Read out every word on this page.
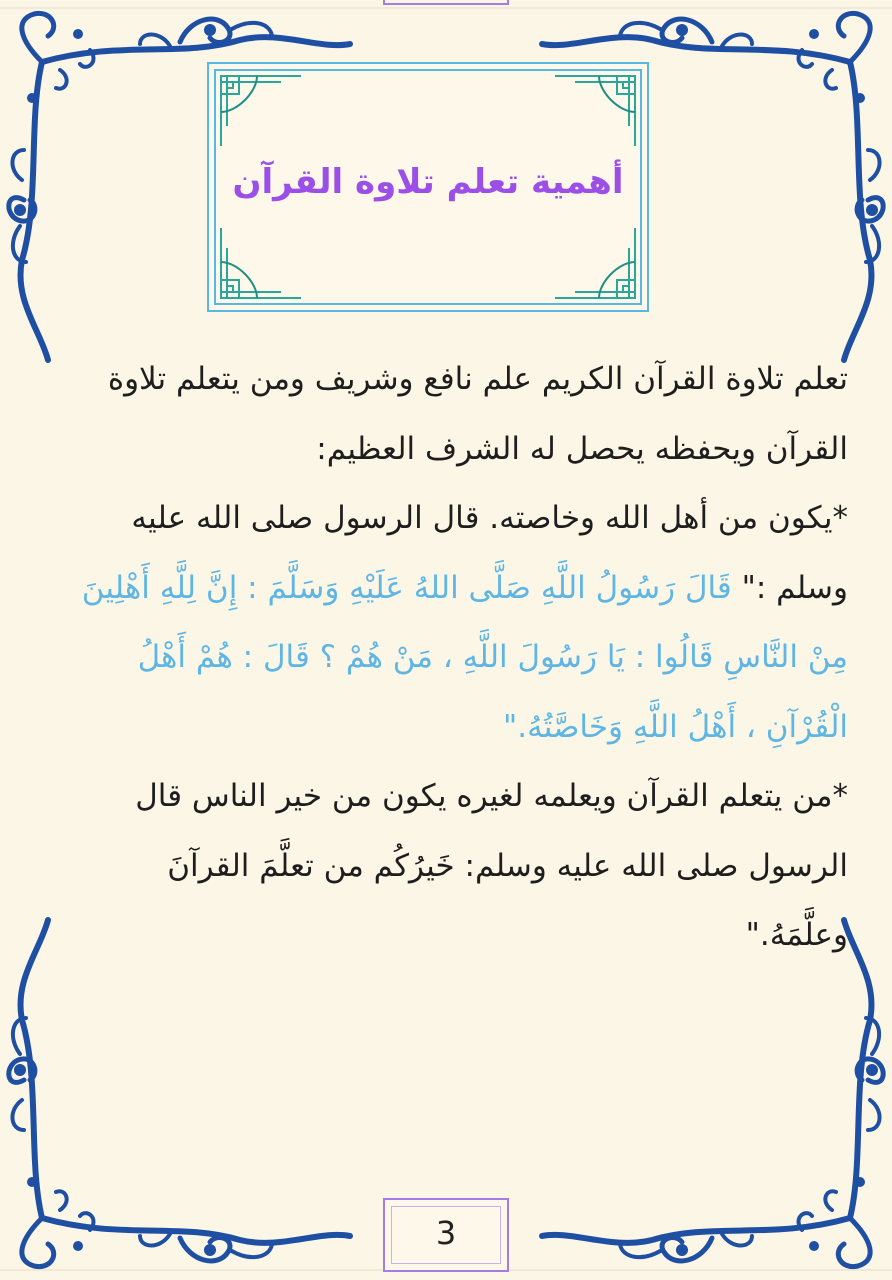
أهمية تعلم تلاوة القرآن

تعلم تلاوة القرآن الكريم علم نافع وشريف ومن يتعلم تلاوة القرآن ويحفظه يحصل له الشرف العظيم:

*يكون من أهل الله وخاصته. قال الرسول صلى الله عليه وسلم :" قَالَ رَسُولُ اللَّهِ صَلَّى اللهُ عَلَيْهِ وَسَلَّمَ : إِنَّ لِلَّهِ أَهْلِينَ مِنْ النَّاسِ قَالُوا : يَا رَسُولَ اللَّهِ ، مَنْ هُمْ ؟ قَالَ : هُمْ أَهْلُ الْقُرْآنِ ، أَهْلُ اللَّهِ وَخَاصَّتُهُ."

*من يتعلم القرآن ويعلمه لغيره يكون من خير الناس قال الرسول صلى الله عليه وسلم: خَيرُكُم من تعلَّمَ القرآنَ وعلَّمَهُ."

3
